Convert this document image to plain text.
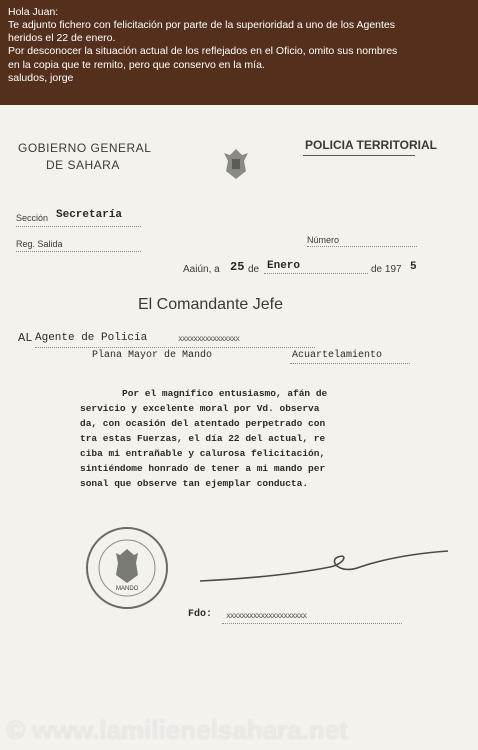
Hola Juan:
Te adjunto fichero con felicitación por parte de la superioridad a uno de los Agentes
heridos el 22 de enero.
Por desconocer la situación actual de los reflejados en el Oficio, omito sus nombres
en la copia que te remito, pero que conservo en la mía.
saludos, jorge
GOBIERNO GENERAL
DE SAHARA
POLICIA TERRITORIAL
Sección Secretaría
Reg. Salida	Número
Aaiún, a 25 de Enero	de 197 5
El Comandante Jefe
AL Agente de Policía	xxxxxxxxxxxxxxxx
Plana Mayor de Mando	Acuartelamiento
Por el magnífico entusiasmo, afán de
servicio y excelente moral por Vd. observa
da, con ocasión del atentado perpetrado con
tra estas Fuerzas, el día 22 del actual, re
ciba mi entrañable y calurosa felicitación,
sintiéndome honrado de tener a mi mando per
sonal que observe tan ejemplar conducta.
MANDO
Fdo: xxxxxxxxxxxxxxxxxxxxx
© www.lamilienelsahara.net
